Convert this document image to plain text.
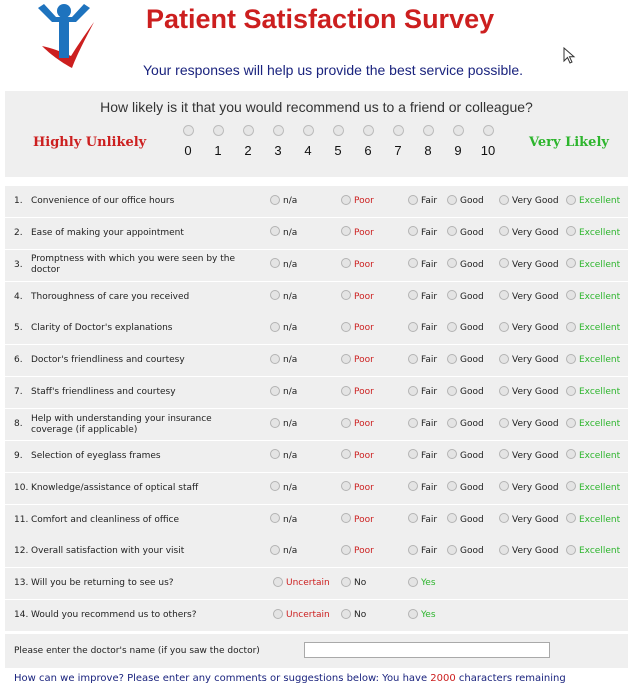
Patient Satisfaction Survey
Your responses will help us provide the best service possible.
How likely is it that you would recommend us to a friend or colleague?
Highly Unlikely	Very Likely
0	1	2	3	4	5	6	7	8	9	10
1. Convenience of our office hours	n/a	Poor	Fair	Good	Very Good	Excellent
2. Ease of making your appointment	n/a	Poor	Fair	Good	Very Good	Excellent
3.
Promptness with which you were seen by the doctor
n/a	Poor	Fair	Good	Very Good	Excellent
4. Thoroughness of care you received	n/a	Poor	Fair	Good	Very Good	Excellent
5. Clarity of Doctor's explanations	n/a	Poor	Fair	Good	Very Good	Excellent
6. Doctor's friendliness and courtesy	n/a	Poor	Fair	Good	Very Good	Excellent
7. Staff's friendliness and courtesy	n/a	Poor	Fair	Good	Very Good	Excellent
8.
Help with understanding your insurance coverage (if applicable)
n/a	Poor	Fair	Good	Very Good	Excellent
9. Selection of eyeglass frames	n/a	Poor	Fair	Good	Very Good	Excellent
10. Knowledge/assistance of optical staff	n/a	Poor	Fair	Good	Very Good	Excellent
11. Comfort and cleanliness of office	n/a	Poor	Fair	Good	Very Good	Excellent
12. Overall satisfaction with your visit	n/a	Poor	Fair	Good	Very Good	Excellent
13. Will you be returning to see us?	Uncertain	No	Yes
14. Would you recommend us to others?	Uncertain	No	Yes
Please enter the doctor's name (if you saw the doctor)
How can we improve? Please enter any comments or suggestions below: You have 2000 characters remaining
